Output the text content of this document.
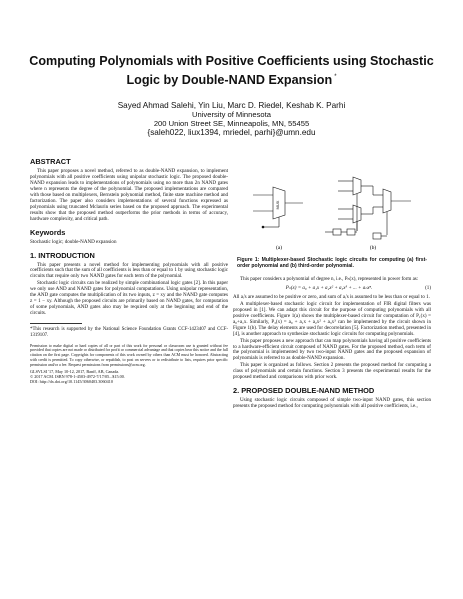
Computing Polynomials with Positive Coefficients using Stochastic Logic by Double-NAND Expansion *
Sayed Ahmad Salehi, Yin Liu, Marc D. Riedel, Keshab K. Parhi
University of Minnesota
200 Union Street SE, Minneapolis, MN, 55455
{saleh022, liux1394, mriedel, parhi}@umn.edu
ABSTRACT

This paper proposes a novel method, referred to as double-NAND expansion, to implement polynomials with all positive coefficients using unipolar stochastic logic. The proposed double-NAND expansion leads to implementations of polynomials using no more than 2n NAND gates where n represents the degree of the polynomial. The proposed implementations are compared with those based on multiplexers, Bernstein polynomial method, finite state machine method and factorization. The paper also considers implementations of several functions expressed as polynomials using truncated Mclaurin series based on the proposed approach. The experimental results show that the proposed method outperforms the prior methods in terms of accuracy, hardware complexity, and critical path.

Keywords

Stochastic logic; double-NAND expansion

1. INTRODUCTION

This paper presents a novel method for implementing polynomials with all positive coefficients such that the sum of all coefficients is less than or equal to 1 by using stochastic logic circuits that require only two NAND gates for each term of the polynomial.

Stochastic logic circuits can be realized by simple combinational logic gates [2]. In this paper we only use AND and NAND gates for polynomial computations. Using unipolar representation, the AND gate computes the multiplication of its two inputs, z = xy and the NAND gate computes z = 1 − xy. Although the proposed circuits are primarily based on NAND gates, for computation of some polynomials, AND gates also may be required only at the beginning and end of the circuits.

*This research is supported by the National Science Foundation Grants CCF-1423407 and CCF-1319107.

Permission to make digital or hard copies of all or part of this work for personal or classroom use is granted without fee provided that copies are not made or distributed for profit or commercial advantage and that copies bear this notice and the full citation on the first page. Copyrights for components of this work owned by others than ACM must be honored. Abstracting with credit is permitted. To copy otherwise, or republish, to post on servers or to redistribute to lists, requires prior specific permission and/or a fee. Request permissions from permissions@acm.org.

GLSVLSI '17, May 10-12, 2017, Banff, AB, Canada.
© 2017 ACM. ISBN 978-1-4503-4972-7/17/05...$15.00.
DOI: http://dx.doi.org/10.1145/3060403.3060410
MUX
(a)	(b)

Figure 1: Multiplexer-based Stochastic logic circuits for computing (a) first-order polynomial and (b) third-order polynomial.

This paper considers a polynomial of degree n, i.e., Pₙ(x), represented in power form as:

(1)
Pₙ(x) = a₀ + a₁x + a₂x² + a₃x³ + ... + aₙxⁿ.

All aᵢ's are assumed to be positive or zero, and sum of aᵢ's is assumed to be less than or equal to 1.

A multiplexer-based stochastic logic circuit for implementation of FIR digital filters was proposed in [1]. We can adapt this circuit for the purpose of computing polynomials with all positive coefficients. Figure 1(a) shows the multiplexer-based circuit for computation of P₁(x) = a₀+a₁x. Similarly, P₃(x) = a₀ + a₁x + a₂x² + a₃x³ can be implemented by the circuit shown in Figure 1(b). The delay elements are used for decorrelation [5]. Factorization method, presented in [4], is another approach to synthesize stochastic logic circuits for computing polynomials.

This paper proposes a new approach that can map polynomials having all positive coefficients to a hardware-efficient circuit composed of NAND gates. For the proposed method, each term of the polynomial is implemented by two two-input NAND gates and the proposed expansion of polynomials is referred to as double-NAND expansion.

This paper is organized as follows. Section 2 presents the proposed method for computing a class of polynomials and certain functions. Section 3 presents the experimental results for the proposed method and comparisons with prior work.

2. PROPOSED DOUBLE-NAND METHOD

Using stochastic logic circuits composed of simple two-input NAND gates, this section presents the proposed method for computing polynomials with all positive coefficients, i.e.,
